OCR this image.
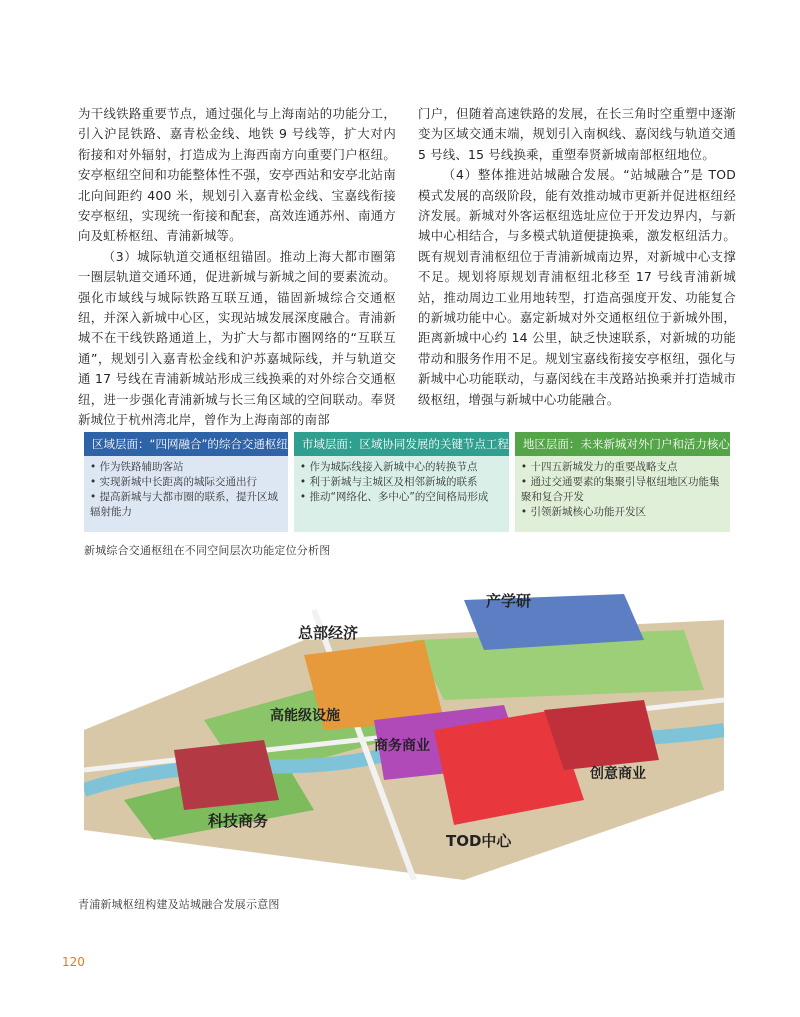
为干线铁路重要节点，通过强化与上海南站的功能分工，引入沪昆铁路、嘉青松金线、地铁 9 号线等，扩大对内衔接和对外辐射，打造成为上海西南方向重要门户枢纽。安亭枢纽空间和功能整体性不强，安亭西站和安亭北站南北向间距约 400 米，规划引入嘉青松金线、宝嘉线衔接安亭枢纽，实现统一衔接和配套，高效连通苏州、南通方向及虹桥枢纽、青浦新城等。

（3）城际轨道交通枢纽锚固。推动上海大都市圈第一圈层轨道交通环通，促进新城与新城之间的要素流动。强化市域线与城际铁路互联互通，锚固新城综合交通枢纽，并深入新城中心区，实现站城发展深度融合。青浦新城不在干线铁路通道上，为扩大与都市圈网络的“互联互通”，规划引入嘉青松金线和沪苏嘉城际线，并与轨道交通 17 号线在青浦新城站形成三线换乘的对外综合交通枢纽，进一步强化青浦新城与长三角区域的空间联动。奉贤新城位于杭州湾北岸，曾作为上海南部的南部

门户，但随着高速铁路的发展，在长三角时空重塑中逐渐变为区域交通末端，规划引入南枫线、嘉闵线与轨道交通 5 号线、15 号线换乘，重塑奉贤新城南部枢纽地位。

（4）整体推进站城融合发展。“站城融合”是 TOD 模式发展的高级阶段，能有效推动城市更新并促进枢纽经济发展。新城对外客运枢纽选址应位于开发边界内，与新城中心相结合，与多模式轨道便捷换乘，激发枢纽活力。既有规划青浦枢纽位于青浦新城南边界，对新城中心支撑不足。规划将原规划青浦枢纽北移至 17 号线青浦新城站，推动周边工业用地转型，打造高强度开发、功能复合的新城功能中心。嘉定新城对外交通枢纽位于新城外围，距离新城中心约 14 公里，缺乏快速联系，对新城的功能带动和服务作用不足。规划宝嘉线衔接安亭枢纽，强化与新城中心功能联动，与嘉闵线在丰茂路站换乘并打造城市级枢纽，增强与新城中心功能融合。

区域层面：“四网融合”的综合交通枢纽
• 作为铁路辅助客站
• 实现新城中长距离的城际交通出行
• 提高新城与大都市圈的联系，提升区域辐射能力
市域层面：区域协同发展的关键节点工程
• 作为城际线接入新城中心的转换节点
• 利于新城与主城区及相邻新城的联系
• 推动“网络化、多中心”的空间格局形成
地区层面：未来新城对外门户和活力核心
• 十四五新城发力的重要战略支点
• 通过交通要素的集聚引导枢纽地区功能集聚和复合开发
• 引领新城核心功能开发区
新城综合交通枢纽在不同空间层次功能定位分析图
产学研
总部经济
高能级设施
商务商业
创意商业
科技商务
TOD中心
青浦新城枢纽构建及站城融合发展示意图
120
